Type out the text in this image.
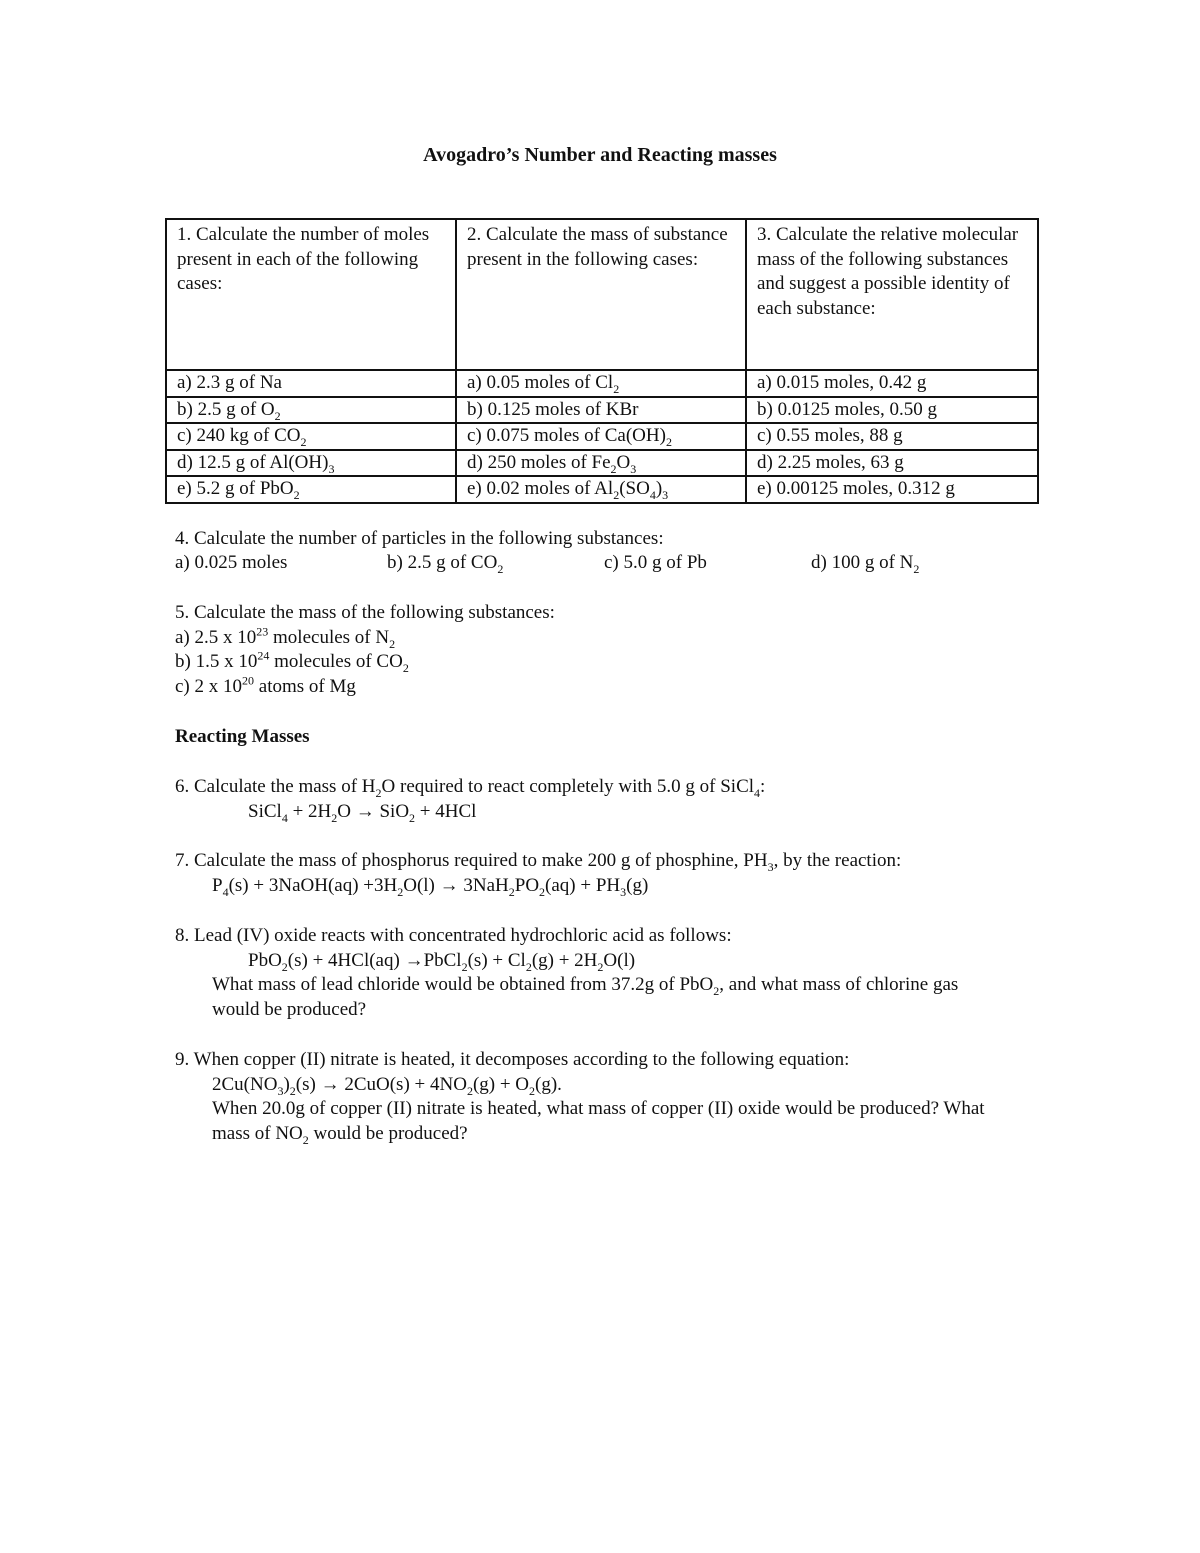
Avogadro’s Number and Reacting masses
1. Calculate the number of moles present in each of the following cases:	2. Calculate the mass of substance present in the following cases:	3. Calculate the relative molecular mass of the following substances and suggest a possible identity of each substance:
a) 2.3 g of Na	a) 0.05 moles of $Cl_2$	a) 0.015 moles, 0.42 g
b) 2.5 g of $O_2$	b) 0.125 moles of KBr	b) 0.0125 moles, 0.50 g
c) 240 kg of $CO_2$	c) 0.075 moles of $Ca(OH)_2$	c) 0.55 moles, 88 g
d) 12.5 g of $Al(OH)_3$	d) 250 moles of $Fe_2O_3$	d) 2.25 moles, 63 g
e) 5.2 g of PbO$_2$	e) 0.02 moles of $Al_2(SO_4)_3$	e) 0.00125 moles, 0.312 g
4. Calculate the number of particles in the following substances:
a) 0.025 moles	b) 2.5 g of $CO_2$	c) 5.0 g of Pb	d) 100 g of $N_2$
5. Calculate the mass of the following substances:
a) 2.5 x $10^{23}$ molecules of $N_2$
b) 1.5 x $10^{24}$ molecules of $CO_2$
c) 2 x $10^{20}$ atoms of Mg
Reacting Masses
6. Calculate the mass of $H_2O$ required to react completely with 5.0 g of SiCl$_4$:
SiCl$_4$ + $2H_2O \to SiO_2 + 4HCl$
7. Calculate the mass of phosphorus required to make 200 g of phosphine, $PH_3$, by the reaction:
$P_4(s)$ + 3NaOH(aq) $+3H_2O(l) \to 3NaH_2PO_2(aq) + PH_3(g)$
8. Lead (IV) oxide reacts with concentrated hydrochloric acid as follows:
PbO$_2$(s) + 4HCl(aq) →PbCl$_2$(s) + $Cl_2(g) + 2H_2O(l)$
What mass of lead chloride would be obtained from 37.2g of PbO$_2$, and what mass of chlorine gas would be produced?
9. When copper (II) nitrate is heated, it decomposes according to the following equation:
$2Cu(NO_3)_2(s) \to 2CuO(s) + 4NO_2(g) + O_2(g)$.
When 20.0g of copper (II) nitrate is heated, what mass of copper (II) oxide would be produced? What mass of $NO_2$ would be produced?
